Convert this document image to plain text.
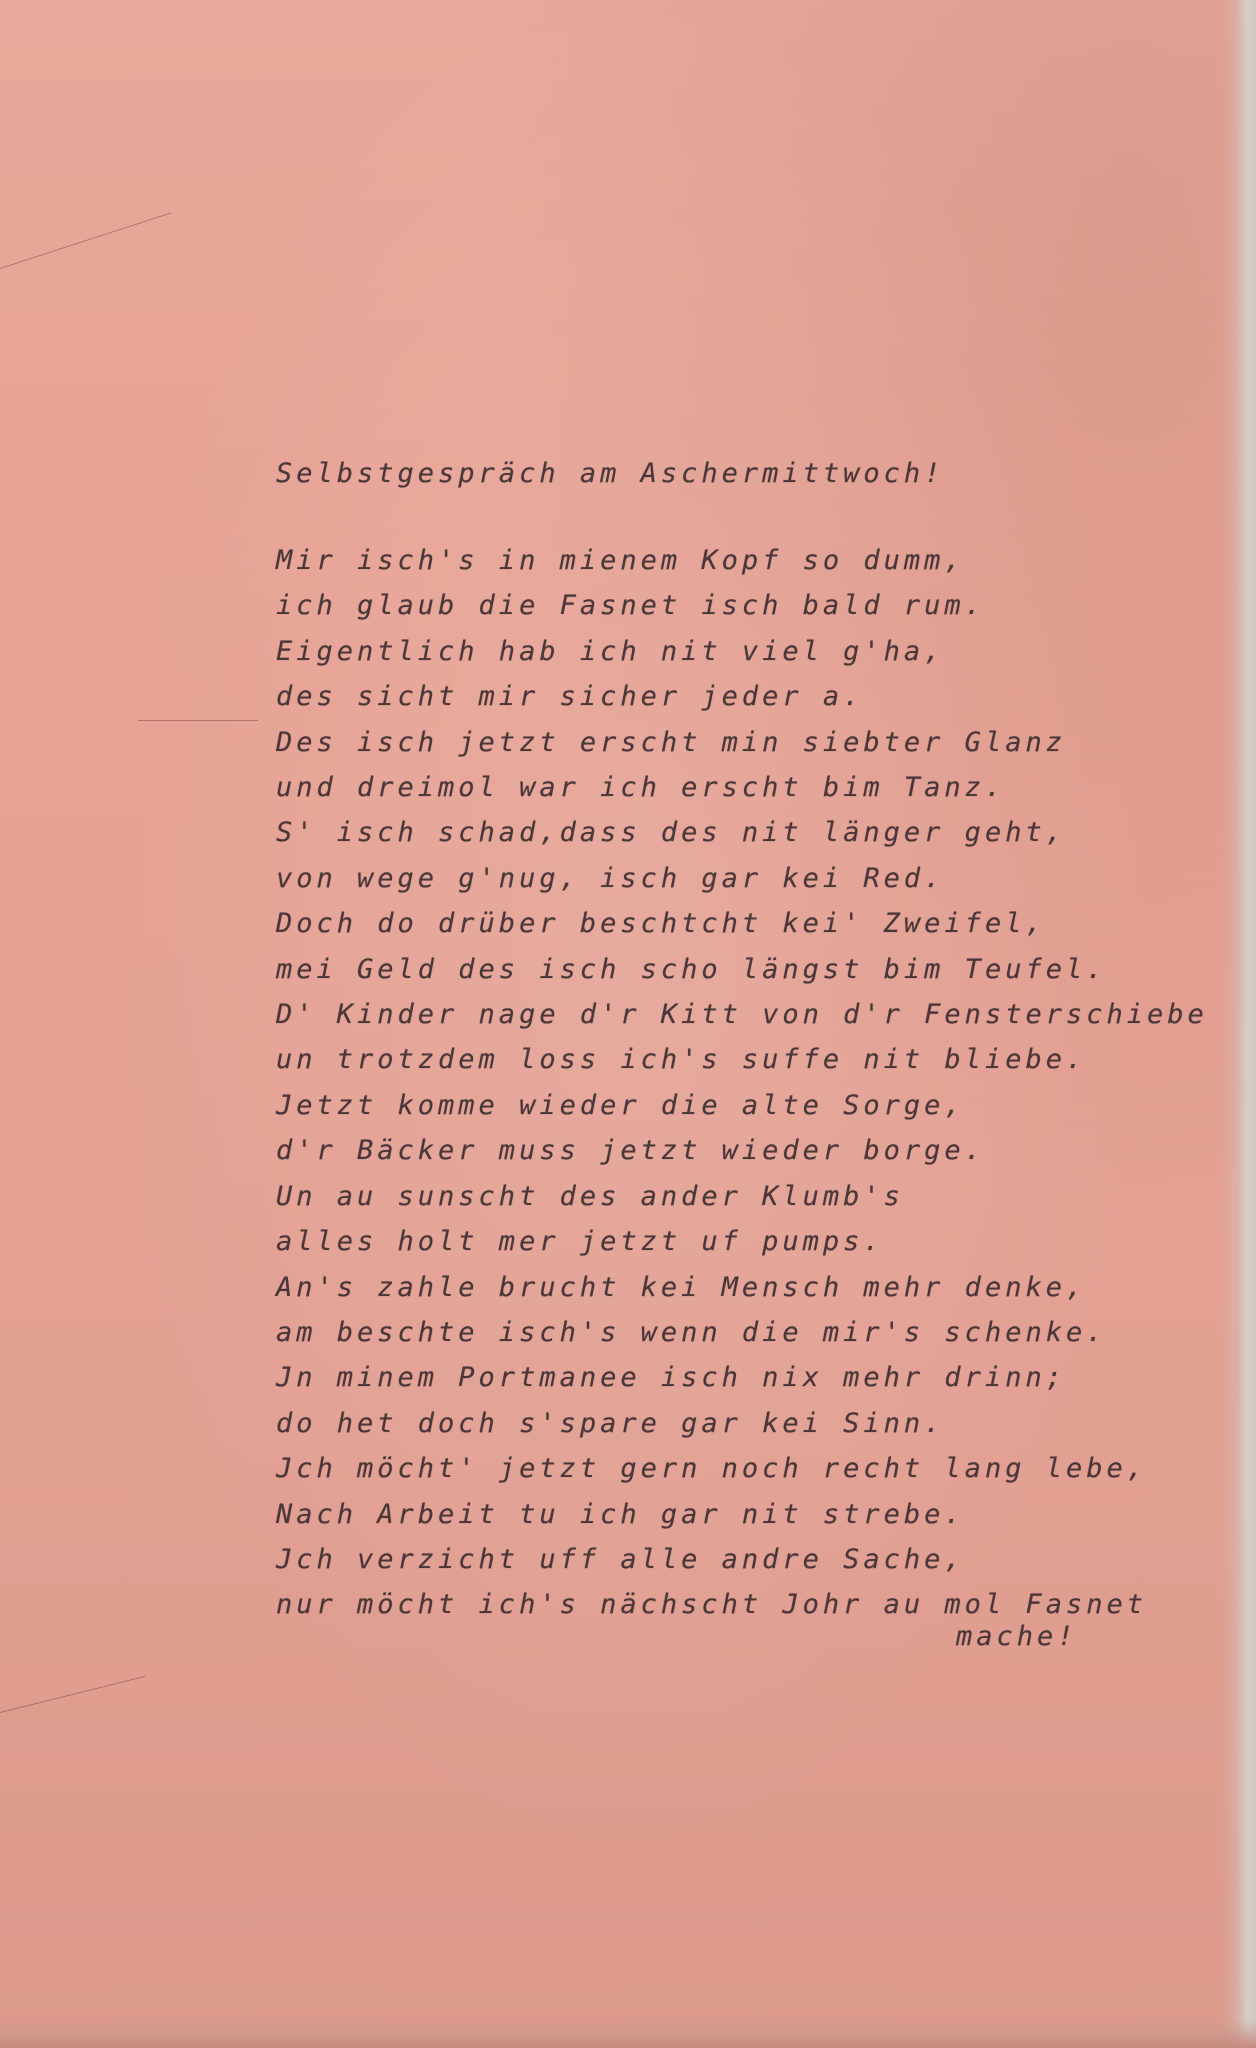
Selbstgespräch am Aschermittwoch!
Mir isch's in mienem Kopf so dumm,
ich glaub die Fasnet isch bald rum.
Eigentlich hab ich nit viel g'ha,
des sicht mir sicher jeder a.
Des isch jetzt erscht min siebter Glanz
und dreimol war ich erscht bim Tanz.
S' isch schad,dass des nit länger geht,
von wege g'nug, isch gar kei Red.
Doch do drüber beschtcht kei' Zweifel,
mei Geld des isch scho längst bim Teufel.
D' Kinder nage d'r Kitt von d'r Fensterschiebe
un trotzdem loss ich's suffe nit bliebe.
Jetzt komme wieder die alte Sorge,
d'r Bäcker muss jetzt wieder borge.
Un au sunscht des ander Klumb's
alles holt mer jetzt uf pumps.
An's zahle brucht kei Mensch mehr denke,
am beschte isch's wenn die mir's schenke.
Jn minem Portmanee isch nix mehr drinn;
do het doch s'spare gar kei Sinn.
Jch möcht' jetzt gern noch recht lang lebe,
Nach Arbeit tu ich gar nit strebe.
Jch verzicht uff alle andre Sache,
nur möcht ich's nächscht Johr au mol Fasnet
mache!
